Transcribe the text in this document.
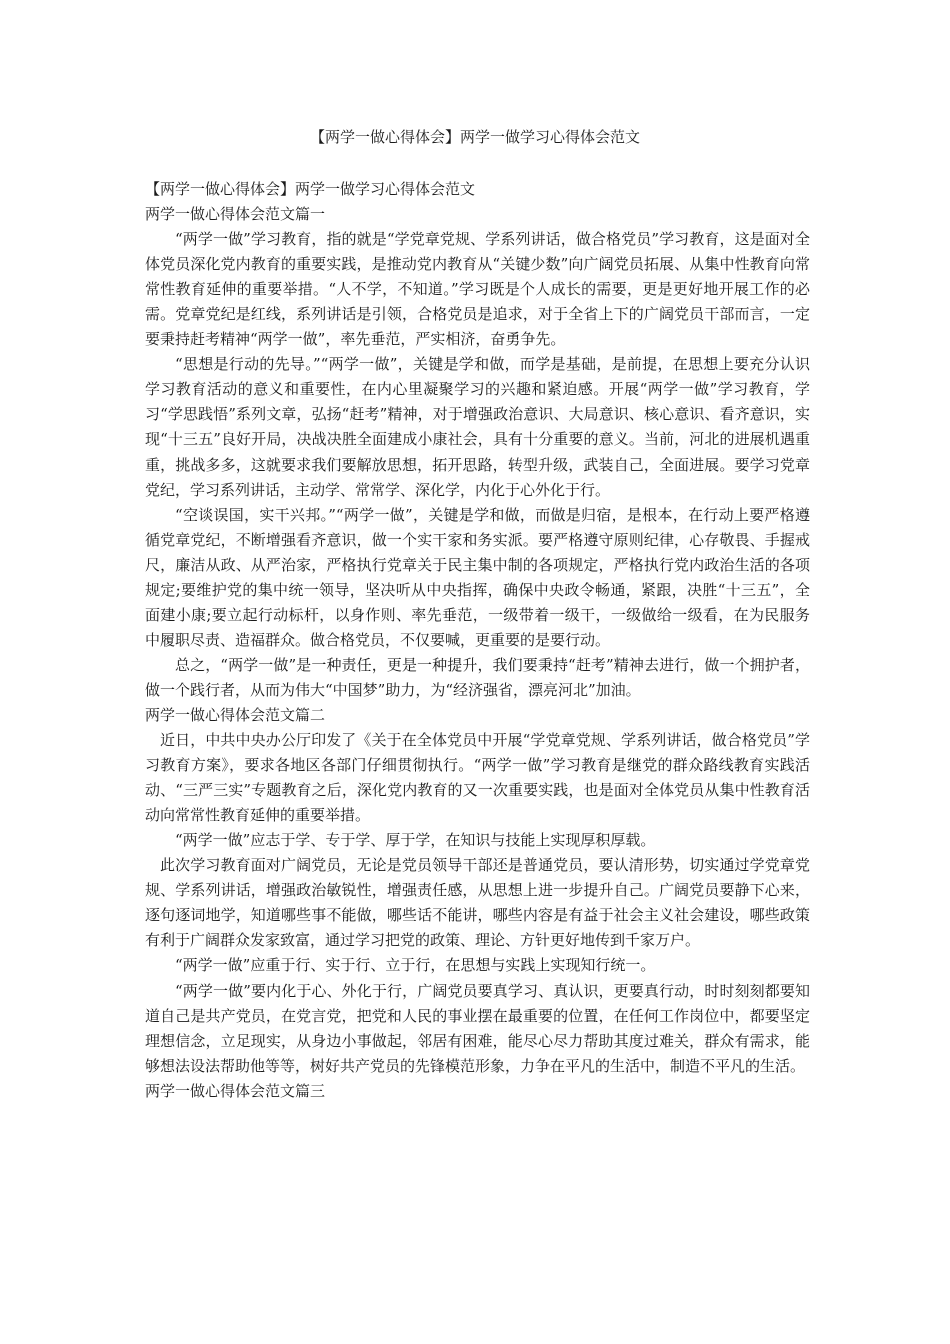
【两学一做心得体会】两学一做学习心得体会范文

【两学一做心得体会】两学一做学习心得体会范文

两学一做心得体会范文篇一

“两学一做”学习教育，指的就是“学党章党规、学系列讲话，做合格党员”学习教育，这是面对全体党员深化党内教育的重要实践，是推动党内教育从“关键少数”向广阔党员拓展、从集中性教育向常常性教育延伸的重要举措。“人不学，不知道。”学习既是个人成长的需要，更是更好地开展工作的必需。党章党纪是红线，系列讲话是引领，合格党员是追求，对于全省上下的广阔党员干部而言，一定要秉持赶考精神“两学一做”，率先垂范，严实相济，奋勇争先。

“思想是行动的先导。”“两学一做”，关键是学和做，而学是基础，是前提，在思想上要充分认识学习教育活动的意义和重要性，在内心里凝聚学习的兴趣和紧迫感。开展“两学一做”学习教育，学习“学思践悟”系列文章，弘扬“赶考”精神，对于增强政治意识、大局意识、核心意识、看齐意识，实现“十三五”良好开局，决战决胜全面建成小康社会，具有十分重要的意义。当前，河北的进展机遇重重，挑战多多，这就要求我们要解放思想，拓开思路，转型升级，武装自己，全面进展。要学习党章党纪，学习系列讲话，主动学、常常学、深化学，内化于心外化于行。

“空谈误国，实干兴邦。”“两学一做”，关键是学和做，而做是归宿，是根本，在行动上要严格遵循党章党纪，不断增强看齐意识，做一个实干家和务实派。要严格遵守原则纪律，心存敬畏、手握戒尺，廉洁从政、从严治家，严格执行党章关于民主集中制的各项规定，严格执行党内政治生活的各项规定;要维护党的集中统一领导，坚决听从中央指挥，确保中央政令畅通，紧跟，决胜“十三五”，全面建小康;要立起行动标杆，以身作则、率先垂范，一级带着一级干，一级做给一级看，在为民服务中履职尽责、造福群众。做合格党员，不仅要喊，更重要的是要行动。

总之，“两学一做”是一种责任，更是一种提升，我们要秉持“赶考”精神去进行，做一个拥护者，做一个践行者，从而为伟大“中国梦”助力，为“经济强省，漂亮河北”加油。

两学一做心得体会范文篇二

近日，中共中央办公厅印发了《关于在全体党员中开展“学党章党规、学系列讲话，做合格党员”学习教育方案》，要求各地区各部门仔细贯彻执行。“两学一做”学习教育是继党的群众路线教育实践活动、“三严三实”专题教育之后，深化党内教育的又一次重要实践，也是面对全体党员从集中性教育活动向常常性教育延伸的重要举措。

“两学一做”应志于学、专于学、厚于学，在知识与技能上实现厚积厚载。

此次学习教育面对广阔党员，无论是党员领导干部还是普通党员，要认清形势，切实通过学党章党规、学系列讲话，增强政治敏锐性，增强责任感，从思想上进一步提升自己。广阔党员要静下心来，逐句逐词地学，知道哪些事不能做，哪些话不能讲，哪些内容是有益于社会主义社会建设，哪些政策有利于广阔群众发家致富，通过学习把党的政策、理论、方针更好地传到千家万户。

“两学一做”应重于行、实于行、立于行，在思想与实践上实现知行统一。

“两学一做”要内化于心、外化于行，广阔党员要真学习、真认识，更要真行动，时时刻刻都要知道自己是共产党员，在党言党，把党和人民的事业摆在最重要的位置，在任何工作岗位中，都要坚定理想信念，立足现实，从身边小事做起，邻居有困难，能尽心尽力帮助其度过难关，群众有需求，能够想法设法帮助他等等，树好共产党员的先锋模范形象，力争在平凡的生活中，制造不平凡的生活。

两学一做心得体会范文篇三
